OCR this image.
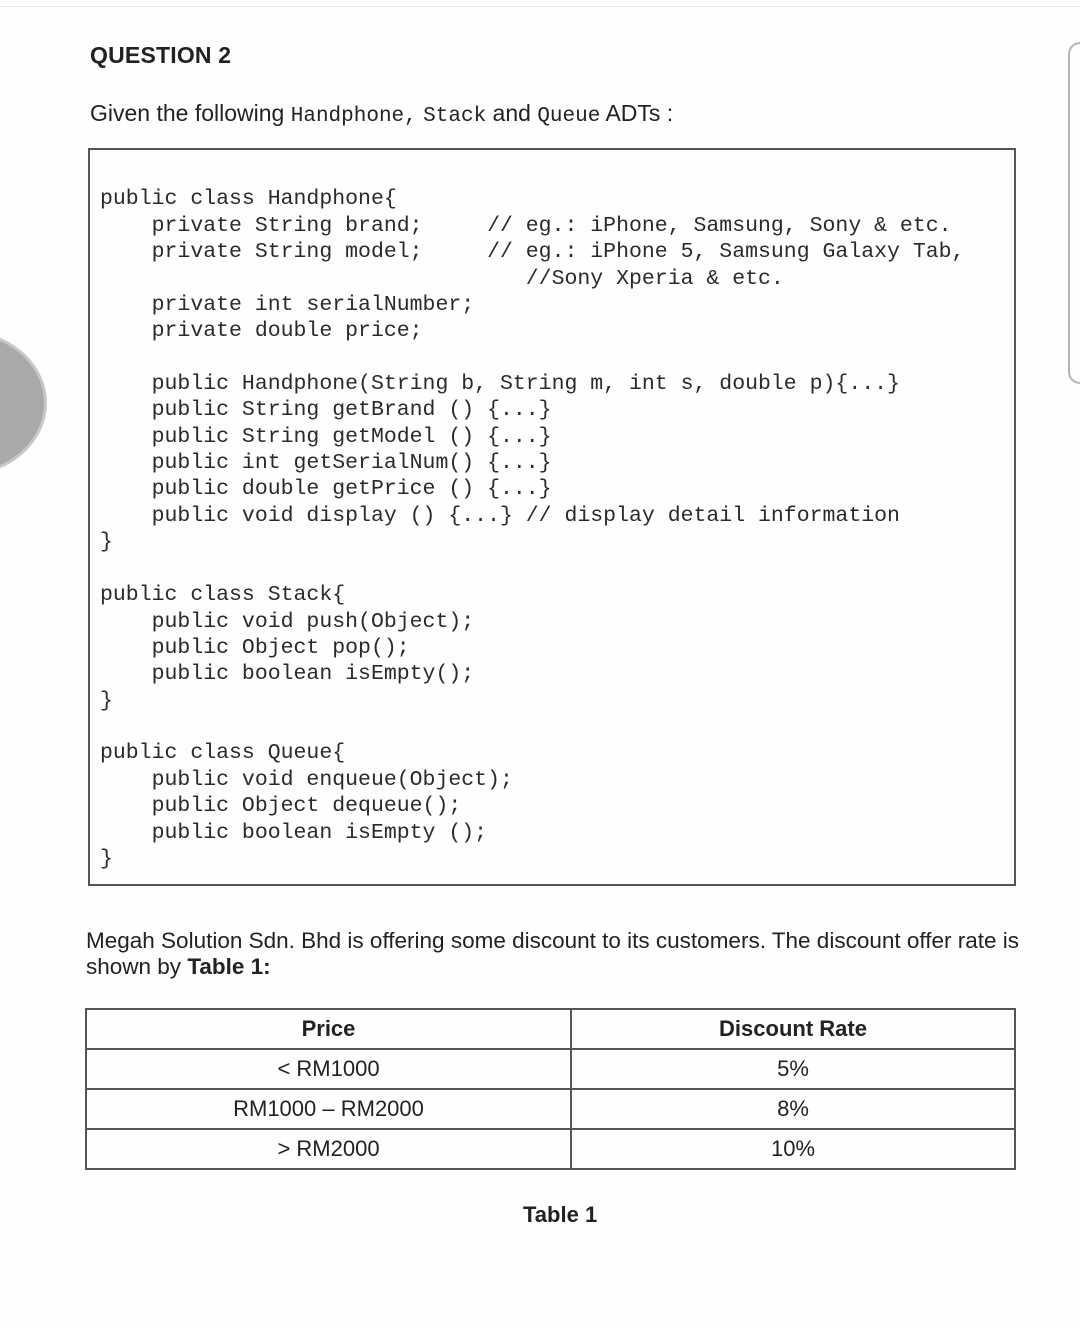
QUESTION 2
Given the following Handphone, Stack and Queue ADTs :
public class Handphone{
private String brand;     // eg.: iPhone, Samsung, Sony & etc.
private String model;     // eg.: iPhone 5, Samsung Galaxy Tab,
//Sony Xperia & etc.
private int serialNumber;
private double price;
public Handphone(String b, String m, int s, double p){...}
public String getBrand () {...}
public String getModel () {...}
public int getSerialNum() {...}
public double getPrice () {...}
public void display () {...} // display detail information
}
public class Stack{
public void push(Object);
public Object pop();
public boolean isEmpty();
}
public class Queue{
public void enqueue(Object);
public Object dequeue();
public boolean isEmpty ();
}
Megah Solution Sdn. Bhd is offering some discount to its customers. The discount offer rate is shown by Table 1:
Price	Discount Rate
< RM1000	5%
RM1000 – RM2000	8%
> RM2000	10%
Table 1
